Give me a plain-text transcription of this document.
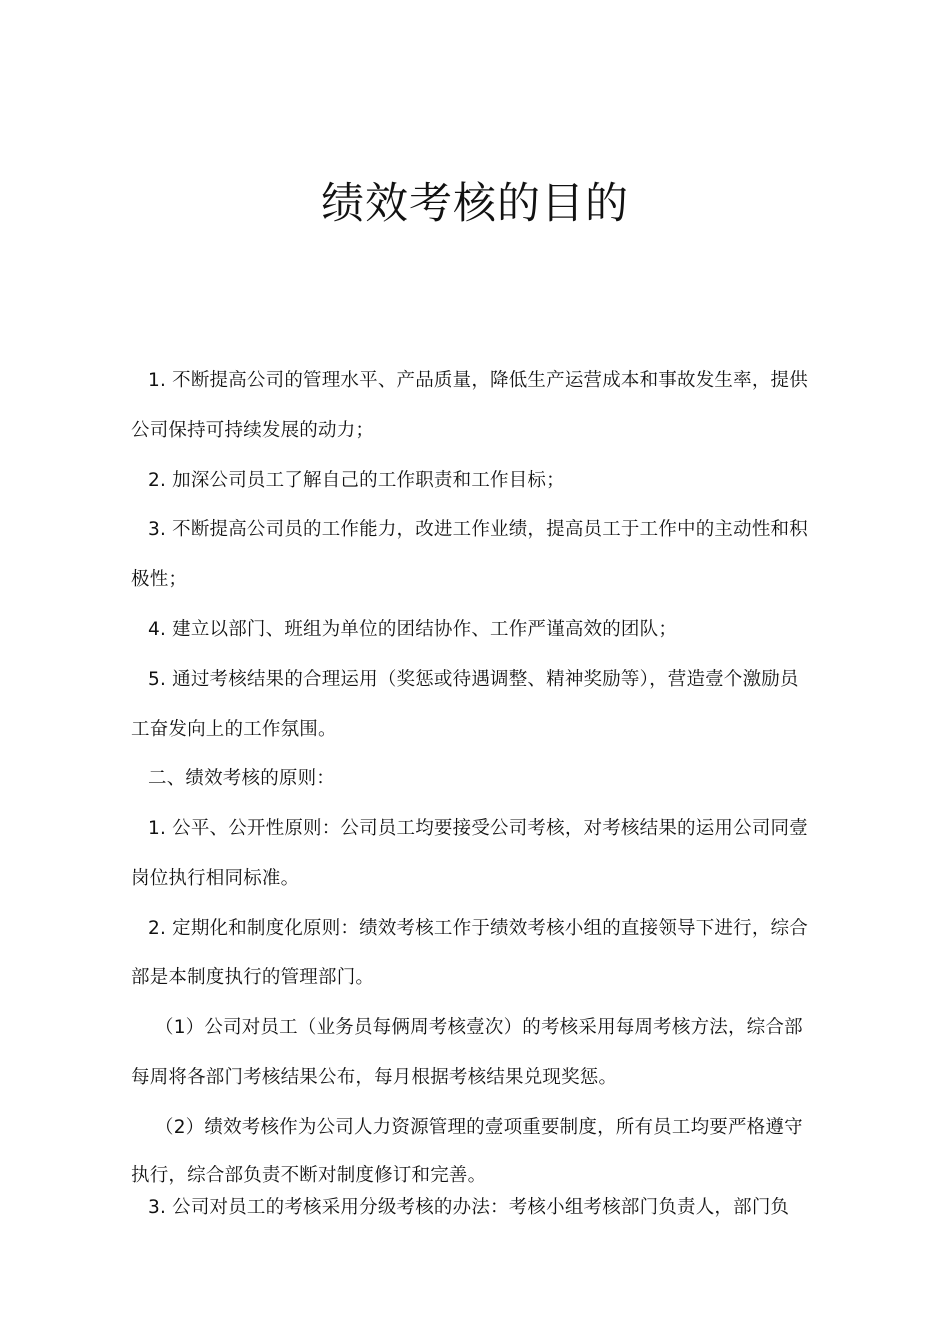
绩效考核的目的
1. 不断提高公司的管理水平、产品质量，降低生产运营成本和事故发生率，提供
公司保持可持续发展的动力；
2. 加深公司员工了解自己的工作职责和工作目标；
3. 不断提高公司员的工作能力，改进工作业绩，提高员工于工作中的主动性和积
极性；
4. 建立以部门、班组为单位的团结协作、工作严谨高效的团队；
5. 通过考核结果的合理运用（奖惩或待遇调整、精神奖励等），营造壹个激励员
工奋发向上的工作氛围。
二、绩效考核的原则：
1. 公平、公开性原则：公司员工均要接受公司考核，对考核结果的运用公司同壹
岗位执行相同标准。
2. 定期化和制度化原则：绩效考核工作于绩效考核小组的直接领导下进行，综合
部是本制度执行的管理部门。
（1）公司对员工（业务员每俩周考核壹次）的考核采用每周考核方法，综合部
每周将各部门考核结果公布，每月根据考核结果兑现奖惩。
（2）绩效考核作为公司人力资源管理的壹项重要制度，所有员工均要严格遵守
执行，综合部负责不断对制度修订和完善。
3. 公司对员工的考核采用分级考核的办法：考核小组考核部门负责人，部门负
